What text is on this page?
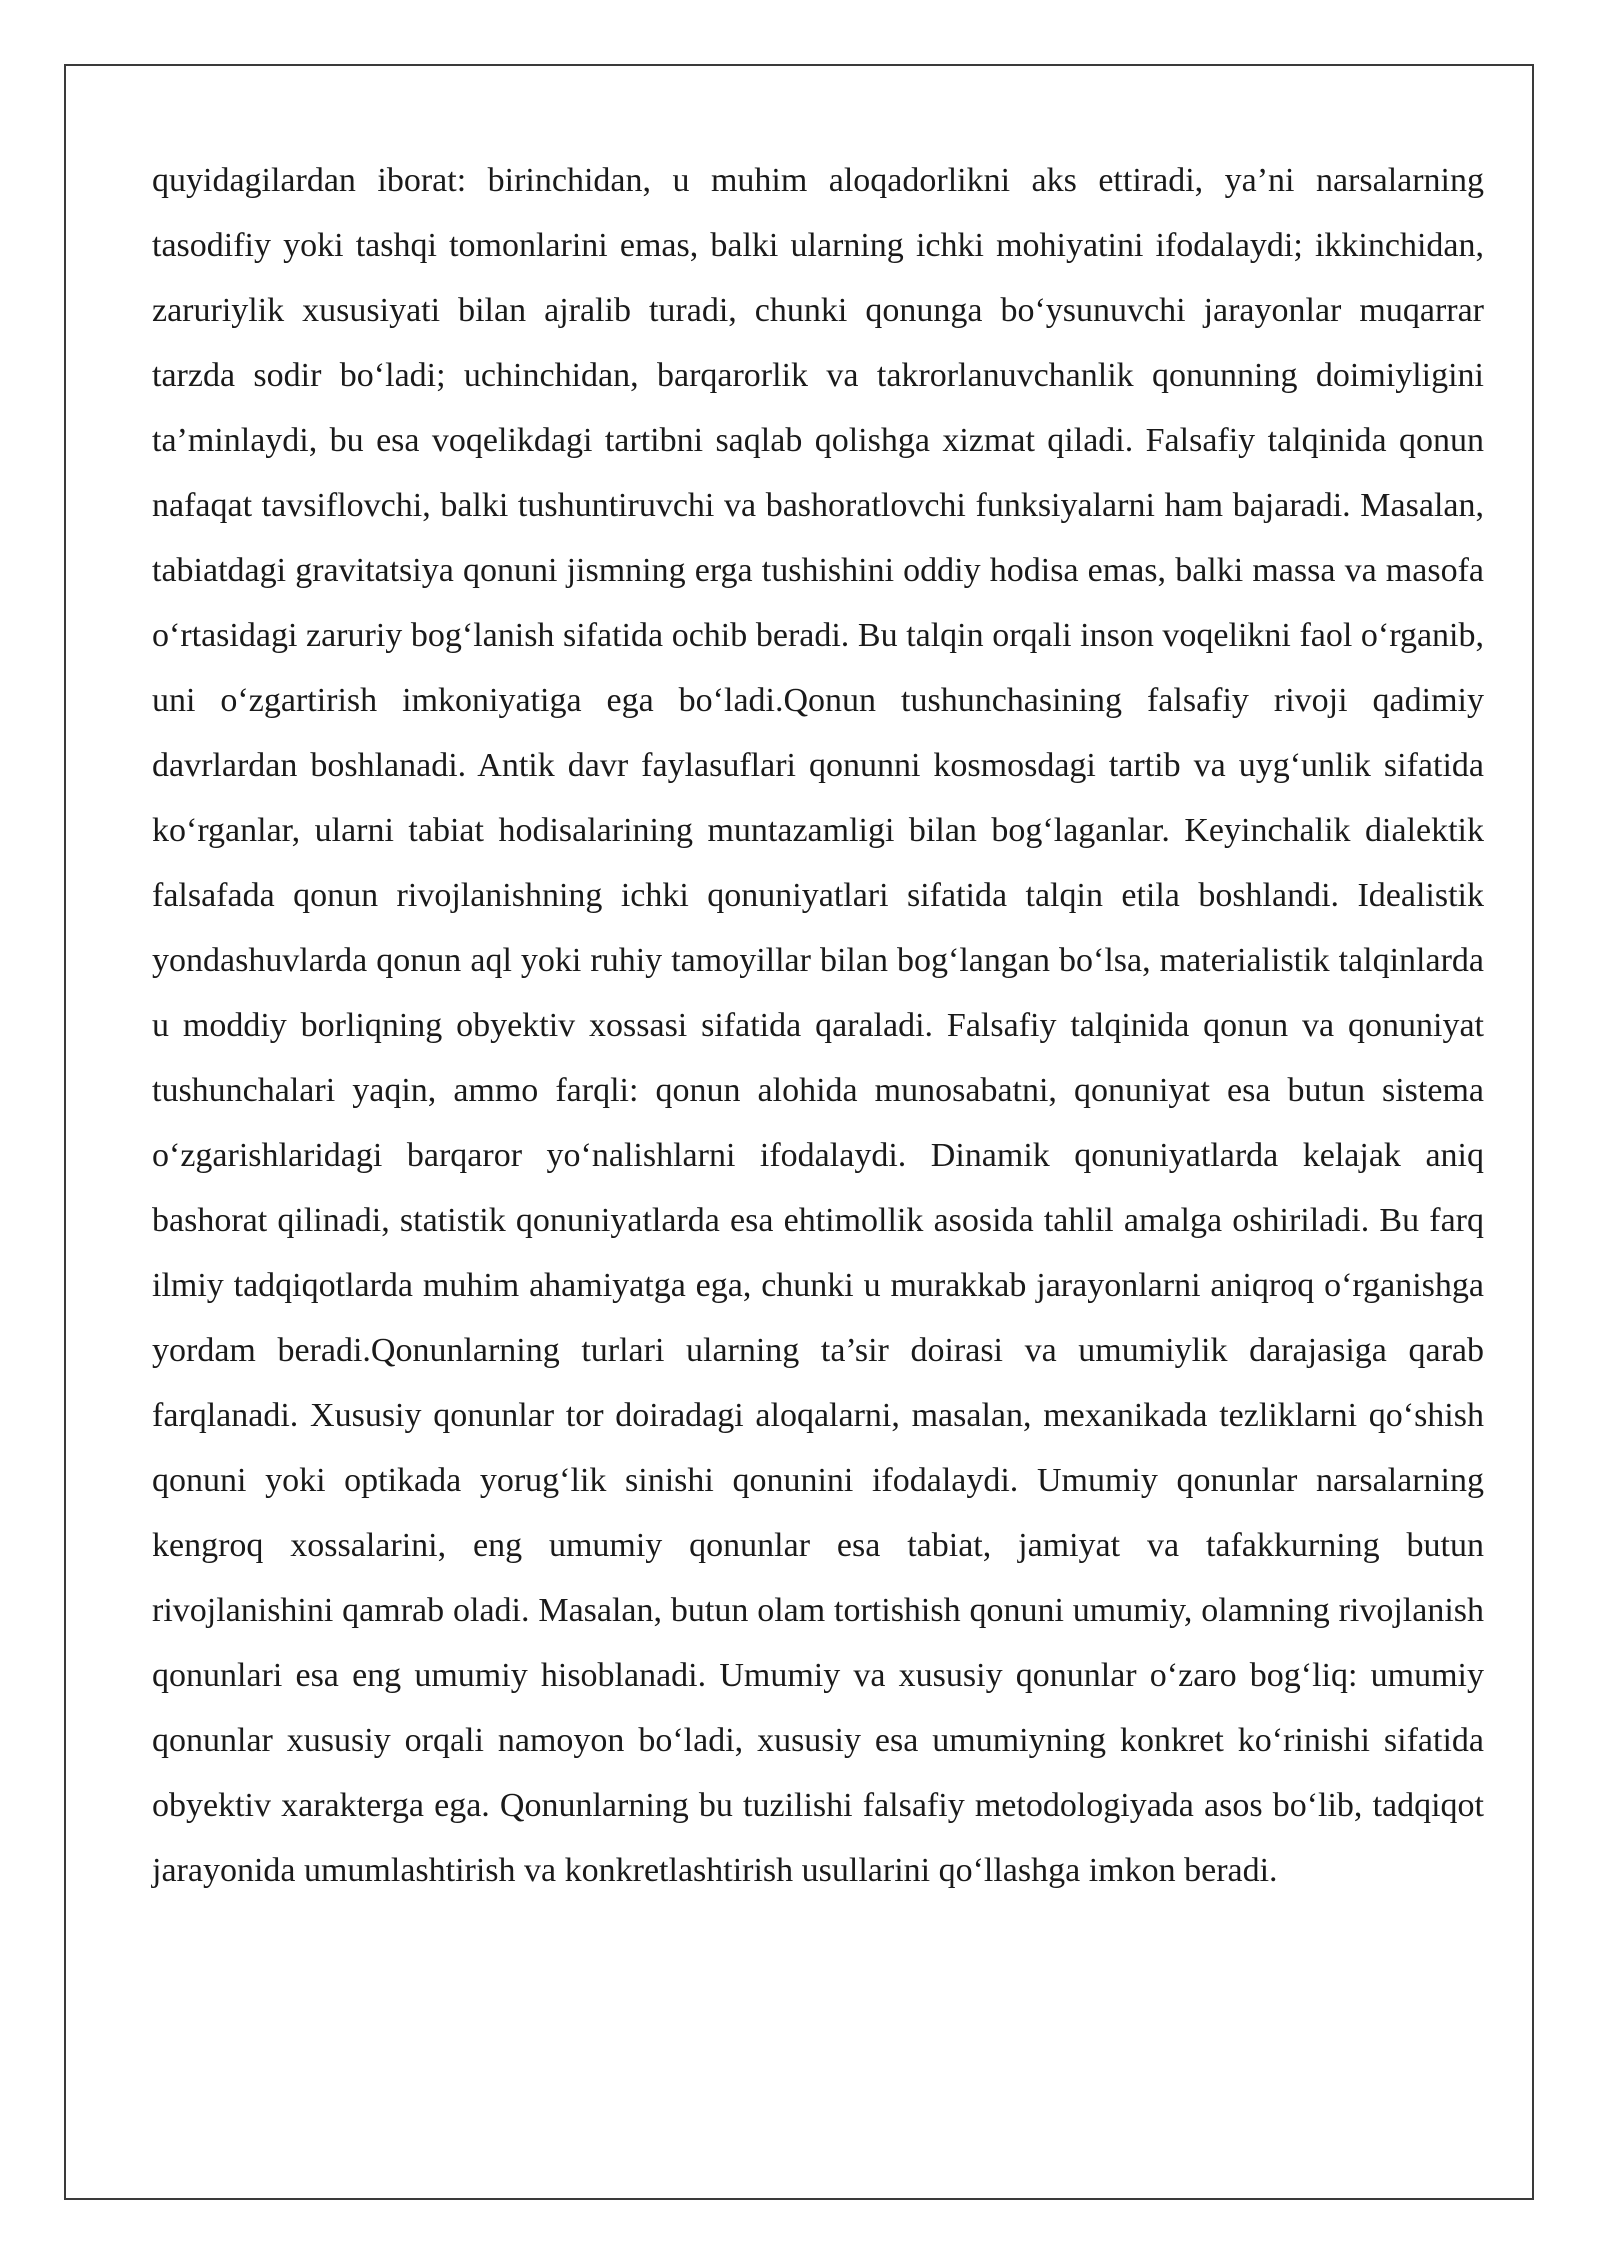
quyidagilardan iborat: birinchidan, u muhim aloqadorlikni aks ettiradi, ya’ni narsalarning tasodifiy yoki tashqi tomonlarini emas, balki ularning ichki mohiyatini ifodalaydi; ikkinchidan, zaruriylik xususiyati bilan ajralib turadi, chunki qonunga bo‘ysunuvchi jarayonlar muqarrar tarzda sodir bo‘ladi; uchinchidan, barqarorlik va takrorlanuvchanlik qonunning doimiyligini ta’minlaydi, bu esa voqelikdagi tartibni saqlab qolishga xizmat qiladi. Falsafiy talqinida qonun nafaqat tavsiflovchi, balki tushuntiruvchi va bashoratlovchi funksiyalarni ham bajaradi. Masalan, tabiatdagi gravitatsiya qonuni jismning erga tushishini oddiy hodisa emas, balki massa va masofa o‘rtasidagi zaruriy bog‘lanish sifatida ochib beradi. Bu talqin orqali inson voqelikni faol o‘rganib, uni o‘zgartirish imkoniyatiga ega bo‘ladi.Qonun tushunchasining falsafiy rivoji qadimiy davrlardan boshlanadi. Antik davr faylasuflari qonunni kosmosdagi tartib va uyg‘unlik sifatida ko‘rganlar, ularni tabiat hodisalarining muntazamligi bilan bog‘laganlar. Keyinchalik dialektik falsafada qonun rivojlanishning ichki qonuniyatlari sifatida talqin etila boshlandi. Idealistik yondashuvlarda qonun aql yoki ruhiy tamoyillar bilan bog‘langan bo‘lsa, materialistik talqinlarda u moddiy borliqning obyektiv xossasi sifatida qaraladi. Falsafiy talqinida qonun va qonuniyat tushunchalari yaqin, ammo farqli: qonun alohida munosabatni, qonuniyat esa butun sistema o‘zgarishlaridagi barqaror yo‘nalishlarni ifodalaydi. Dinamik qonuniyatlarda kelajak aniq bashorat qilinadi, statistik qonuniyatlarda esa ehtimollik asosida tahlil amalga oshiriladi. Bu farq ilmiy tadqiqotlarda muhim ahamiyatga ega, chunki u murakkab jarayonlarni aniqroq o‘rganishga yordam beradi.Qonunlarning turlari ularning ta’sir doirasi va umumiylik darajasiga qarab farqlanadi. Xususiy qonunlar tor doiradagi aloqalarni, masalan, mexanikada tezliklarni qo‘shish qonuni yoki optikada yorug‘lik sinishi qonunini ifodalaydi. Umumiy qonunlar narsalarning kengroq xossalarini, eng umumiy qonunlar esa tabiat, jamiyat va tafakkurning butun rivojlanishini qamrab oladi. Masalan, butun olam tortishish qonuni umumiy, olamning rivojlanish qonunlari esa eng umumiy hisoblanadi. Umumiy va xususiy qonunlar o‘zaro bog‘liq: umumiy qonunlar xususiy orqali namoyon bo‘ladi, xususiy esa umumiyning konkret ko‘rinishi sifatida obyektiv xarakterga ega. Qonunlarning bu tuzilishi falsafiy metodologiyada asos bo‘lib, tadqiqot jarayonida umumlashtirish va konkretlashtirish usullarini qo‘llashga imkon beradi.
